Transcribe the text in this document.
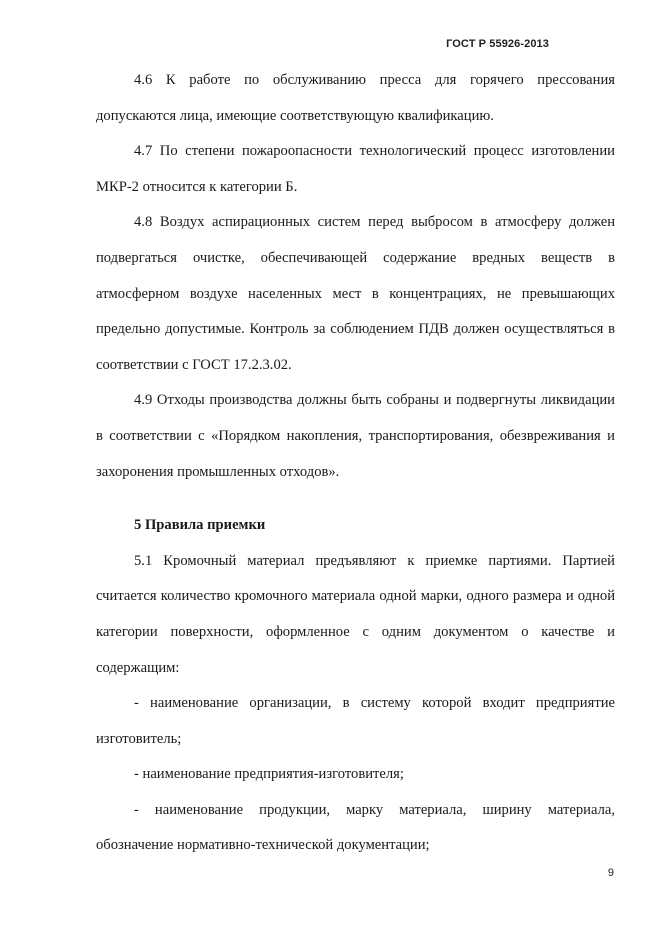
ГОСТ Р 55926-2013

4.6 К работе по обслуживанию пресса для горячего прессования допускаются лица, имеющие соответствующую квалификацию.

4.7 По степени пожароопасности технологический процесс изготовлении МКР-2 относится к категории Б.

4.8 Воздух аспирационных систем перед выбросом в атмосферу должен подвергаться очистке, обеспечивающей содержание вредных веществ в атмосферном воздухе населенных мест в концентрациях, не превышающих предельно допустимые. Контроль за соблюдением ПДВ должен осуществляться в соответствии с ГОСТ 17.2.3.02.

4.9 Отходы производства должны быть собраны и подвергнуты ликвидации в соответствии с «Порядком накопления, транспортирования, обезвреживания и захоронения промышленных отходов».

5 Правила приемки

5.1 Кромочный материал предъявляют к приемке партиями. Партией считается количество кромочного материала одной марки, одного размера и одной категории поверхности, оформленное с одним документом о качестве и содержащим:

- наименование организации, в систему которой входит предприятие изготовитель;

- наименование предприятия-изготовителя;

- наименование продукции, марку материала, ширину материала, обозначение нормативно-технической документации;

9
